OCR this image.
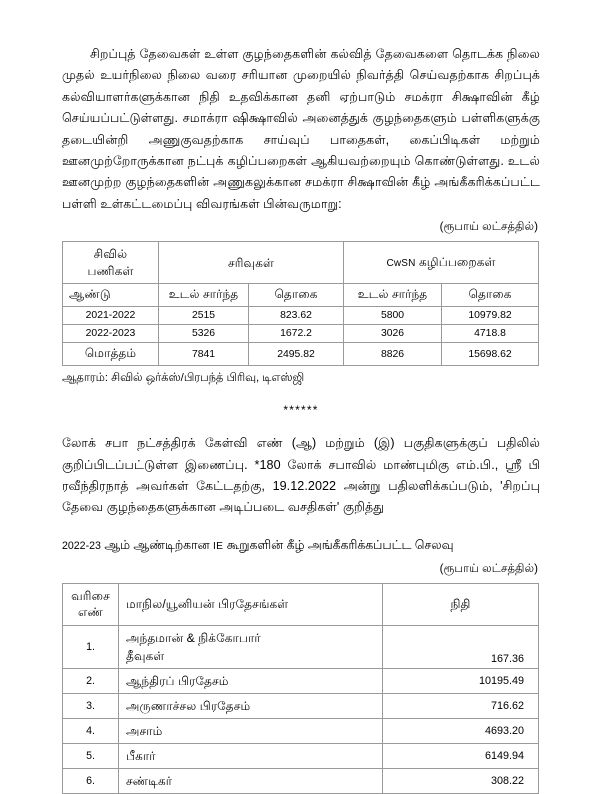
சிறப்புத் தேவைகள் உள்ள குழந்தைகளின் கல்வித் தேவைகளை தொடக்க நிலை முதல் உயர்நிலை நிலை வரை சரியான முறையில் நிவர்த்தி செய்வதற்காக சிறப்புக் கல்வியாளர்களுக்கான நிதி உதவிக்கான தனி ஏற்பாடும் சமக்ரா சிக்ஷாவின் கீழ் செய்யப்பட்டுள்ளது. சமாக்ரா ஷிக்ஷாவில் அனைத்துக் குழந்தைகளும் பள்ளிகளுக்கு தடையின்றி அணுகுவதற்காக சாய்வுப் பாதைகள், கைப்பிடிகள் மற்றும் ஊனமுற்றோருக்கான நட்புக் கழிப்பறைகள் ஆகியவற்றையும் கொண்டுள்ளது. உடல் ஊனமுற்ற குழந்தைகளின் அணுகலுக்கான சமக்ரா சிக்ஷாவின் கீழ் அங்கீகரிக்கப்பட்ட பள்ளி உள்கட்டமைப்பு விவரங்கள் பின்வருமாறு:

(ரூபாய் லட்சத்தில்)
சிவில்
பணிகள்	சரிவுகள்		CwSN கழிப்பறைகள்	
ஆண்டு	உடல் சார்ந்த	தொகை	உடல் சார்ந்த	தொகை
2021-2022	2515	823.62	5800	10979.82
2022-2023	5326	1672.2	3026	4718.8
மொத்தம்	7841	2495.82	8826	15698.62

ஆதாரம்: சிவில் ஒர்க்ஸ்/பிரபந்த் பிரிவு, டிஎஸ்ஜி

******

லோக் சபா நட்சத்திரக் கேள்வி எண் (ஆ) மற்றும் (இ) பகுதிகளுக்குப் பதிலில் குறிப்பிடப்பட்டுள்ள இணைப்பு. *180 லோக் சபாவில் மாண்புமிகு எம்.பி., ஸ்ரீ பி ரவீந்திரநாத் அவர்கள் கேட்டதற்கு, 19.12.2022 அன்று பதிலளிக்கப்படும், 'சிறப்பு தேவை குழந்தைகளுக்கான அடிப்படை வசதிகள்' குறித்து

2022-23 ஆம் ஆண்டிற்கான IE கூறுகளின் கீழ் அங்கீகரிக்கப்பட்ட செலவு

(ரூபாய் லட்சத்தில்)
வரிசை
எண்	மாநில/யூனியன் பிரதேசங்கள்	நிதி
1.	அந்தமான் & நிக்கோபார்
தீவுகள்	167.36
2.	ஆந்திரப் பிரதேசம்	10195.49
3.	அருணாச்சல பிரதேசம்	716.62
4.	அசாம்	4693.20
5.	பீகார்	6149.94
6.	சண்டிகர்	308.22
